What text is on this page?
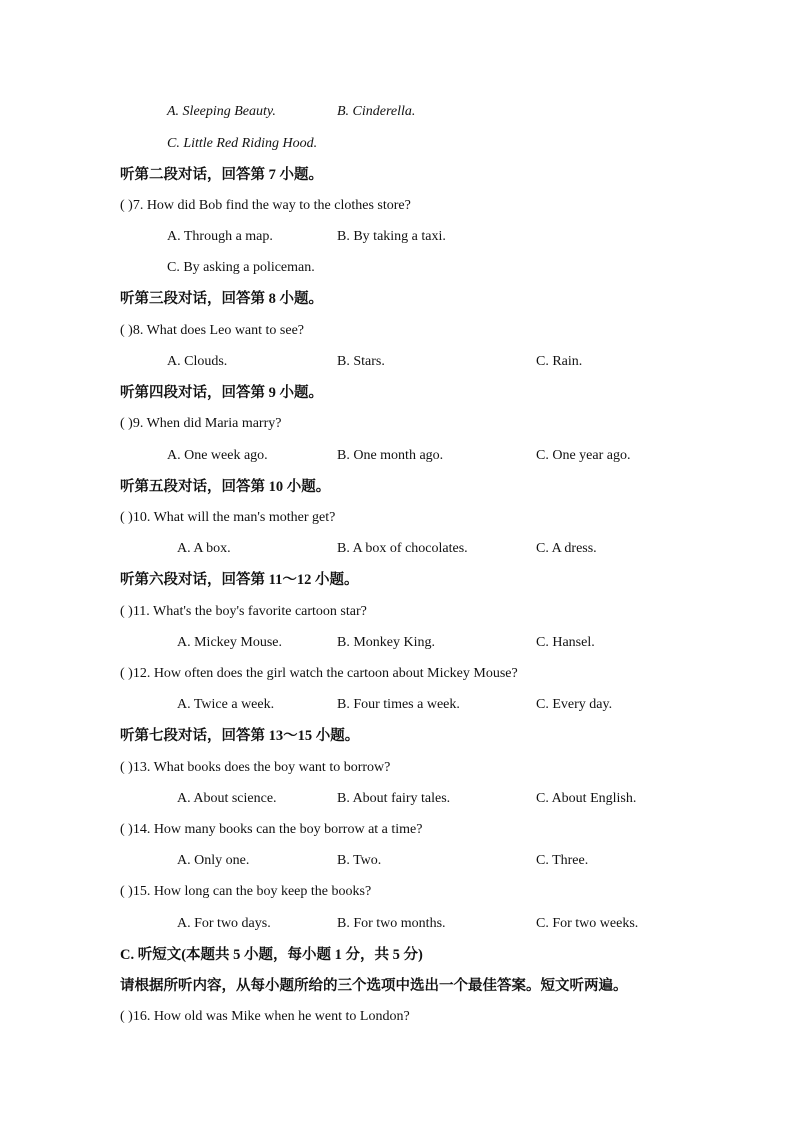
A. Sleeping Beauty.	B. Cinderella.
C. Little Red Riding Hood.
听第二段对话，回答第 7 小题。
( )7. How did Bob find the way to the clothes store?
A. Through a map.	B. By taking a taxi.
C. By asking a policeman.
听第三段对话，回答第 8 小题。
( )8. What does Leo want to see?
A. Clouds.	B. Stars.	C. Rain.
听第四段对话，回答第 9 小题。
( )9. When did Maria marry?
A. One week ago.	B. One month ago.	C. One year ago.
听第五段对话，回答第 10 小题。
( )10. What will the man's mother get?
A. A box.	B. A box of chocolates.	C. A dress.
听第六段对话，回答第 11～12 小题。
( )11. What's the boy's favorite cartoon star?
A. Mickey Mouse.	B. Monkey King.	C. Hansel.
( )12. How often does the girl watch the cartoon about Mickey Mouse?
A. Twice a week.	B. Four times a week.	C. Every day.
听第七段对话，回答第 13～15 小题。
( )13. What books does the boy want to borrow?
A. About science.	B. About fairy tales.	C. About English.
( )14. How many books can the boy borrow at a time?
A. Only one.	B. Two.	C. Three.
( )15. How long can the boy keep the books?
A. For two days.	B. For two months.	C. For two weeks.
C. 听短文(本题共 5 小题，每小题 1 分，共 5 分)
请根据所听内容，从每小题所给的三个选项中选出一个最佳答案。短文听两遍。
( )16. How old was Mike when he went to London?
